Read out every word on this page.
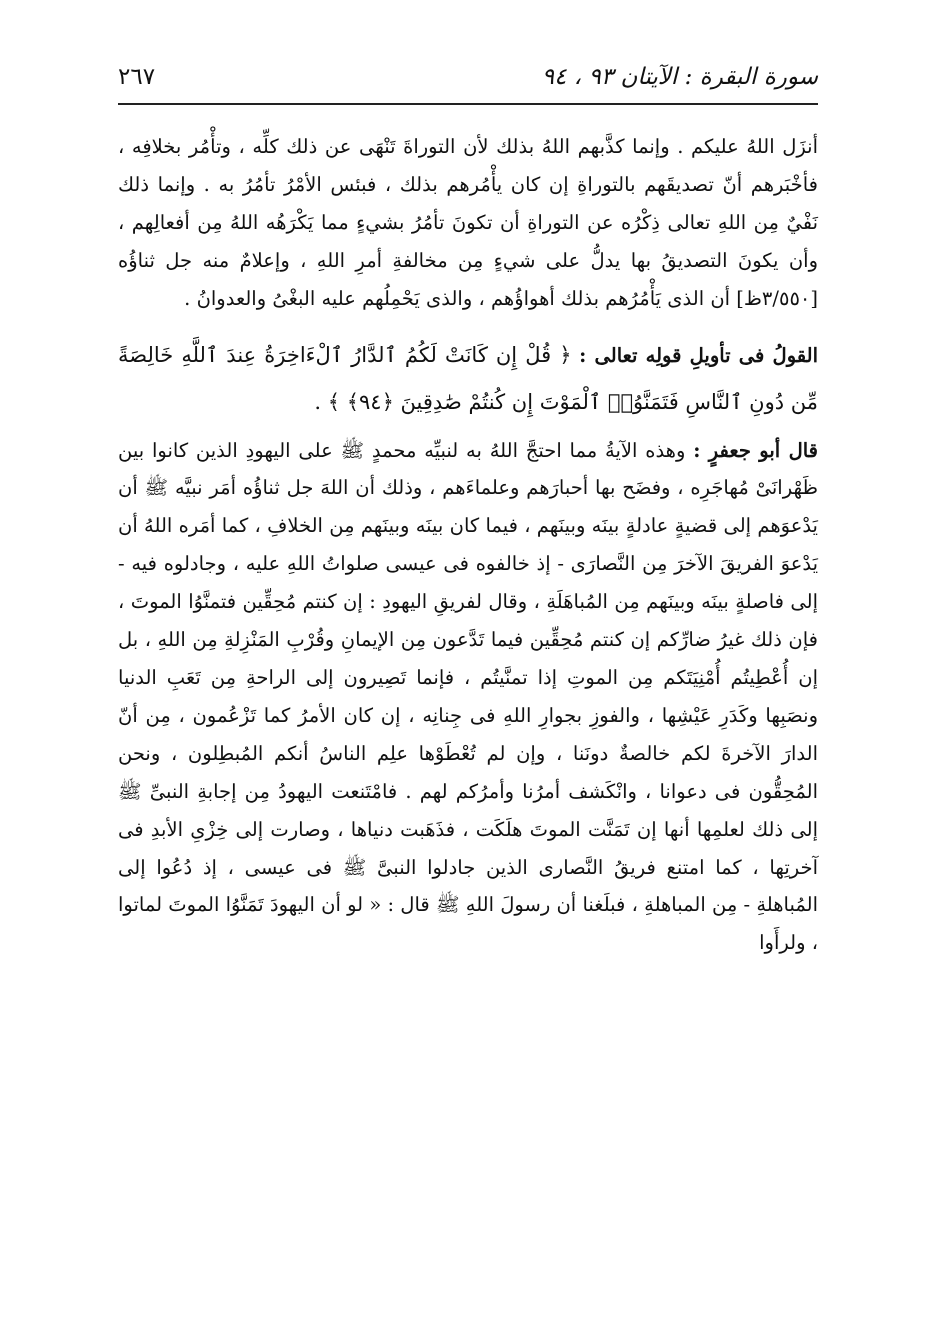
سورة البقرة : الآيتان ٩٣ ، ٩٤
٢٦٧

أنزَل اللهُ عليكم . وإنما كذَّبهم اللهُ بذلك لأن التوراةَ تَنْهَى عن ذلك كلِّه ، وتأْمُر بخلافِه ، فأخْبَرهم أنّ تصديقَهم بالتوراةِ إن كان يأْمُرهم بذلك ، فبئس الأمْرُ تأمُرُ به . وإنما ذلك نَفْيٌ مِن اللهِ تعالى ذِكْرُه عن التوراةِ أن تكونَ تأمُرُ بشيءٍ مما يَكْرَهُه اللهُ مِن أفعالِهم ، وأن يكونَ التصديقُ بها يدلُّ على شيءٍ مِن مخالفةِ أمرِ اللهِ ، وإعلامٌ منه جل ثناؤُه [٣/٥٥٠ظ] أن الذى يَأْمُرُهم بذلك أهواؤُهم ، والذى يَحْمِلُهم عليه البغْىُ والعدوانُ .

القولُ فى تأويلِ قولِه تعالى : ﴿ قُلْ إِن كَانَتْ لَكُمُ ٱلدَّارُ ٱلْءَاخِرَةُ عِندَ ٱللَّهِ خَالِصَةً مِّن دُونِ ٱلنَّاسِ فَتَمَنَّوُا۟ ٱلْمَوْتَ إِن كُنتُمْ صَٰدِقِينَ ﴿٩٤﴾ ﴾ .

قال أبو جعفرٍ : وهذه الآيةُ مما احتجَّ اللهُ به لنبيِّه محمدٍ ﷺ على اليهودِ الذين كانوا بين ظَهْرانَىْ مُهاجَرِه ، وفضَح بها أحبارَهم وعلماءَهم ، وذلك أن اللهَ جل ثناؤُه أمَر نبيَّه ﷺ أن يَدْعوَهم إلى قضيةٍ عادلةٍ بينَه وبينَهم ، فيما كان بينَه وبينَهم مِن الخلافِ ، كما أمَره اللهُ أن يَدْعوَ الفريقَ الآخرَ مِن النَّصارَى - إذ خالفوه فى عيسى صلواتُ اللهِ عليه ، وجادلوه فيه - إلى فاصلةٍ بينَه وبينَهم مِن المُباهَلَةِ ، وقال لفريقِ اليهودِ : إن كنتم مُحِقِّين فتمنَّوُا الموتَ ، فإن ذلك غيرُ ضارِّكم إن كنتم مُحِقِّين فيما تَدَّعون مِن الإيمانِ وقُرْبِ المَنْزِلةِ مِن اللهِ ، بل إن أُعْطِيتُم أُمْنِيَتَكم مِن الموتِ إذا تمنَّيتُم ، فإنما تَصِيرون إلى الراحةِ مِن تَعَبِ الدنيا ونصَبِها وكَدَرِ عَيْشِها ، والفوزِ بجوارِ اللهِ فى جِنانِه ، إن كان الأمرُ كما تَزْعُمون ، مِن أنّ الدارَ الآخرةَ لكم خالصةٌ دونَنا ، وإن لم تُعْطَوْها علِم الناسُ أنكم المُبطِلون ، ونحن المُحِقُّون فى دعوانا ، وانْكَشف أمرُنا وأمرُكم لهم . فامْتَنعت اليهودُ مِن إجابةِ النبىِّ ﷺ إلى ذلك لعلمِها أنها إن تَمَنَّت الموتَ هلَكَت ، فذَهَبت دنياها ، وصارت إلى خِزْىِ الأبدِ فى آخرتِها ، كما امتنع فريقُ النَّصارى الذين جادلوا النبىَّ ﷺ فى عيسى ، إذ دُعُوا إلى المُباهلةِ - مِن المباهلةِ ، فبلَغنا أن رسولَ اللهِ ﷺ قال : « لو أن اليهودَ تَمَنَّوُا الموتَ لماتوا ، ولرأَوا
